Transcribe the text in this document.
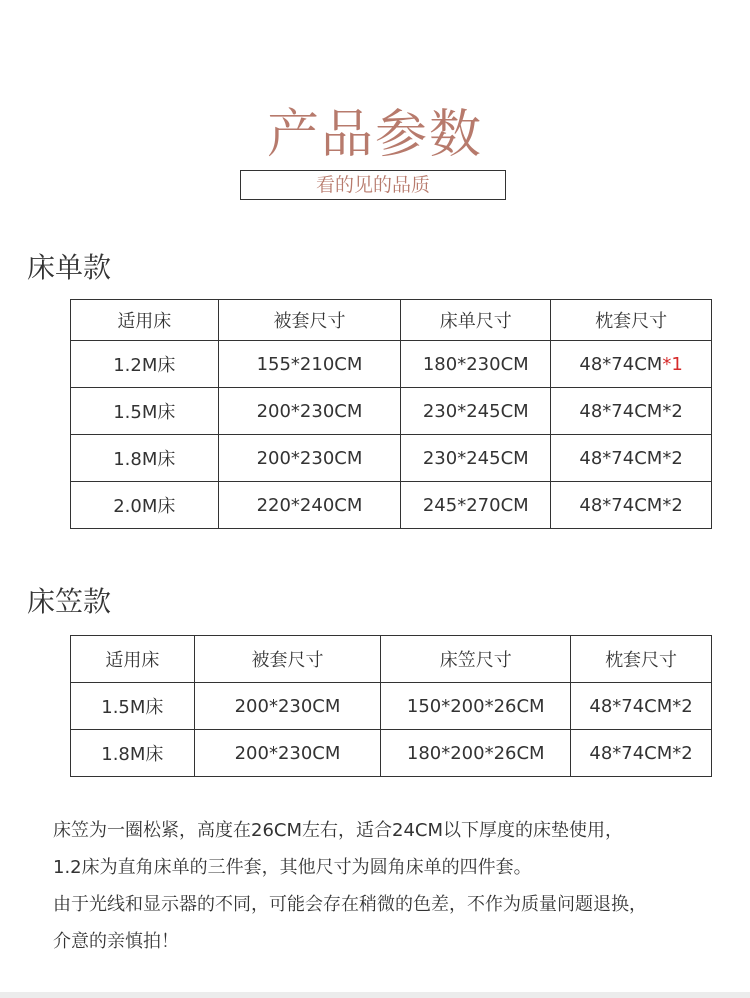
产品参数
看的见的品质
床单款
适用床	被套尺寸	床单尺寸	枕套尺寸
1.2M床	155*210CM	180*230CM	48*74CM*1
1.5M床	200*230CM	230*245CM	48*74CM*2
1.8M床	200*230CM	230*245CM	48*74CM*2
2.0M床	220*240CM	245*270CM	48*74CM*2
床笠款
适用床	被套尺寸	床笠尺寸	枕套尺寸
1.5M床	200*230CM	150*200*26CM	48*74CM*2
1.8M床	200*230CM	180*200*26CM	48*74CM*2

床笠为一圈松紧，高度在26CM左右，适合24CM以下厚度的床垫使用，

1.2床为直角床单的三件套，其他尺寸为圆角床单的四件套。

由于光线和显示器的不同，可能会存在稍微的色差，不作为质量问题退换，

介意的亲慎拍！
